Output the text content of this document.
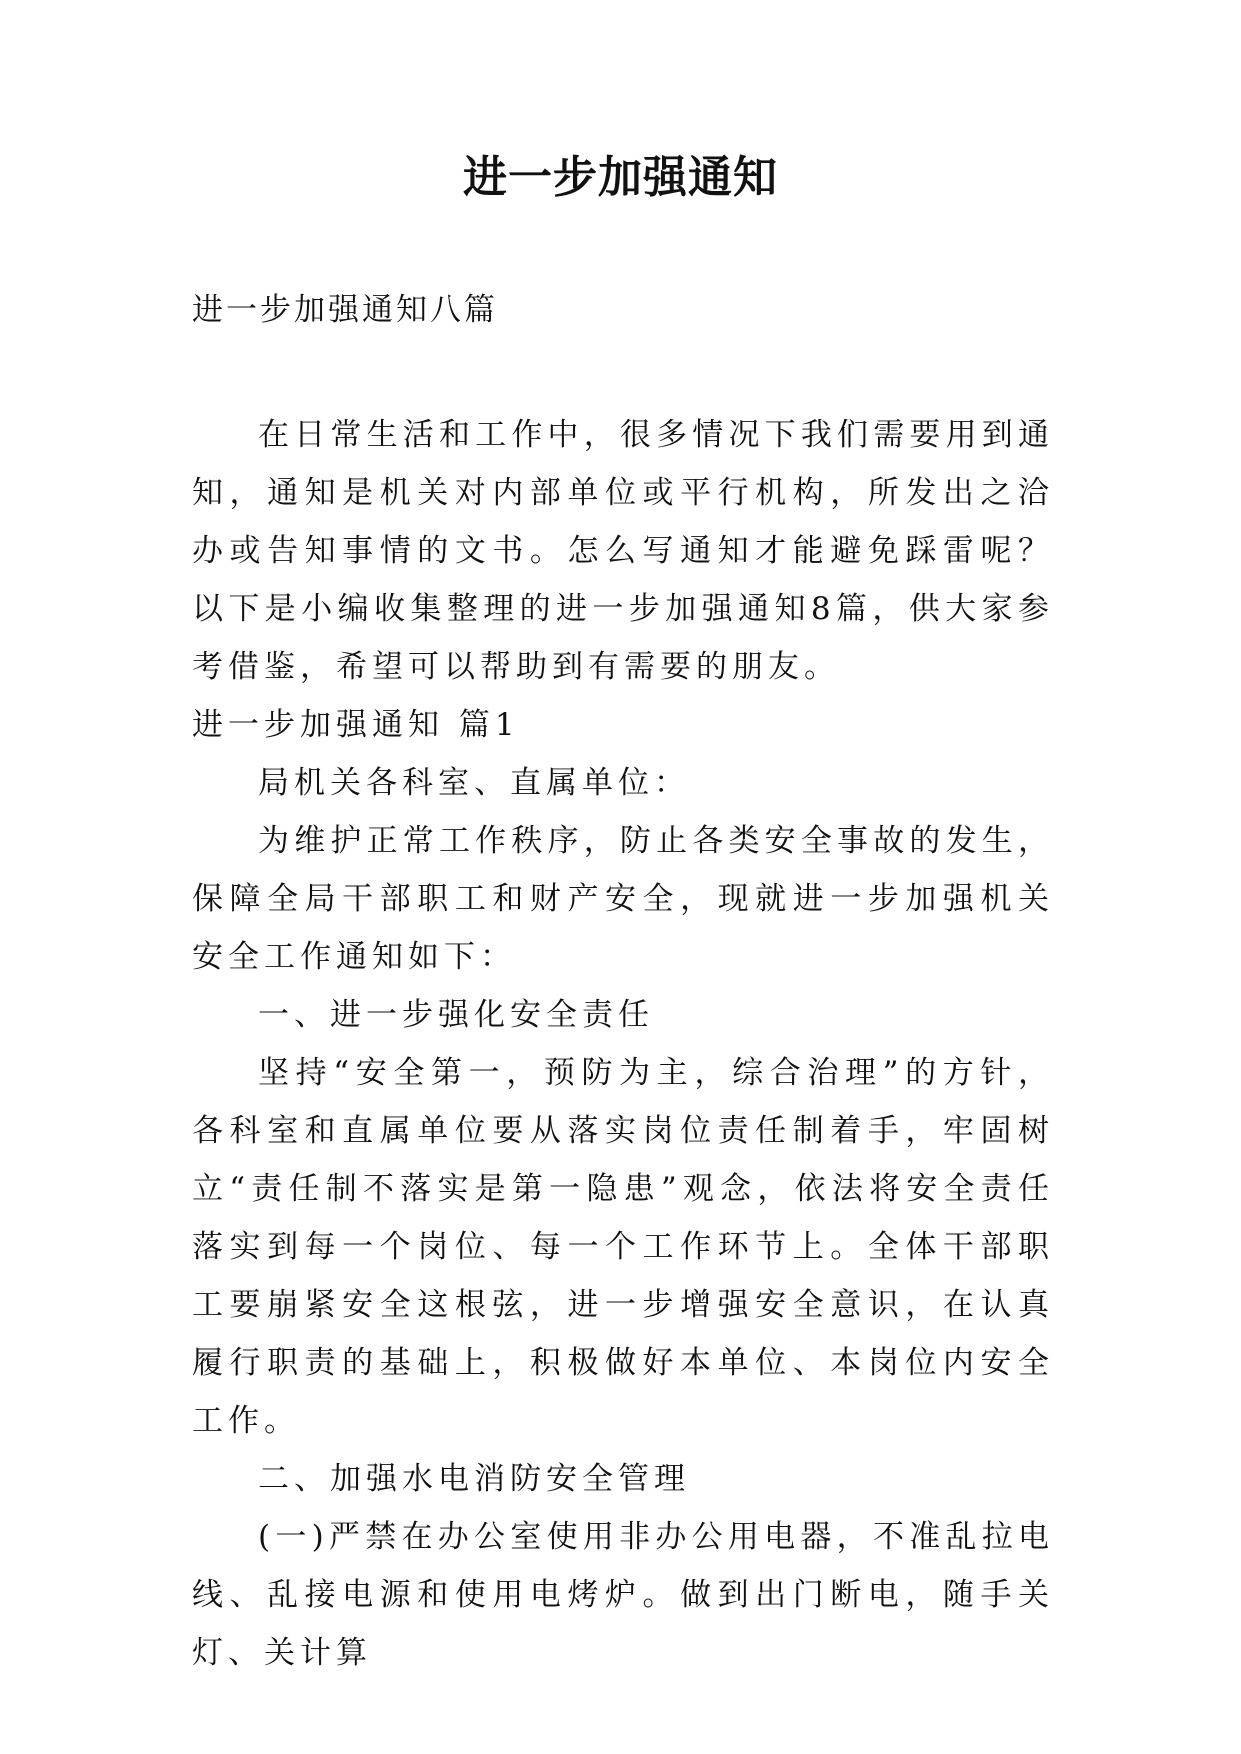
进一步加强通知
进一步加强通知八篇

在日常生活和工作中，很多情况下我们需要用到通知，通知是机关对内部单位或平行机构，所发出之洽办或告知事情的文书。怎么写通知才能避免踩雷呢？以下是小编收集整理的进一步加强通知8篇，供大家参考借鉴，希望可以帮助到有需要的朋友。

进一步加强通知 篇1

局机关各科室、直属单位：

为维护正常工作秩序，防止各类安全事故的发生，保障全局干部职工和财产安全，现就进一步加强机关安全工作通知如下：

一、进一步强化安全责任

坚持“安全第一，预防为主，综合治理”的方针，各科室和直属单位要从落实岗位责任制着手，牢固树立“责任制不落实是第一隐患”观念，依法将安全责任落实到每一个岗位、每一个工作环节上。全体干部职工要崩紧安全这根弦，进一步增强安全意识，在认真履行职责的基础上，积极做好本单位、本岗位内安全工作。

二、加强水电消防安全管理

(一)严禁在办公室使用非办公用电器，不准乱拉电线、乱接电源和使用电烤炉。做到出门断电，随手关灯、关计算
